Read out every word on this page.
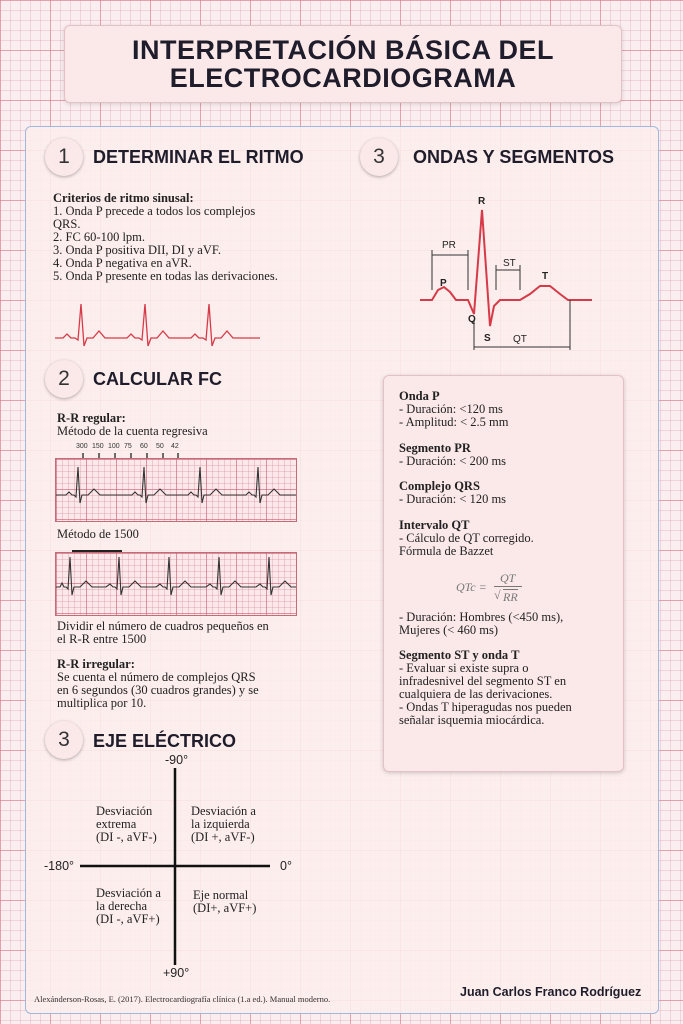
INTERPRETACIÓN BÁSICA DEL
ELECTROCARDIOGRAMA
1	DETERMINAR EL RITMO
Criterios de ritmo sinusal:
1. Onda P precede a todos los complejos
QRS.
2. FC 60-100 lpm.
3. Onda P positiva DII, DI y aVF.
4. Onda P negativa en aVR.
5. Onda P presente en todas las derivaciones.
2	CALCULAR FC
R-R regular:
Método de la cuenta regresiva
300 150 100 75 60 50 42
Método de 1500
Dividir el número de cuadros pequeños en
el R-R entre 1500
R-R irregular:
Se cuenta el número de complejos QRS
en 6 segundos (30 cuadros grandes) y se
multiplica por 10.
3	EJE ELÉCTRICO
-90°
+90°
-180°	0°
Desviación
extrema
(DI -, aVF-)
Desviación a
la izquierda
(DI +, aVF-)
Desviación a
la derecha
(DI -, aVF+)
Eje normal
(DI+, aVF+)
3	ONDAS Y SEGMENTOS
R
P
Q
S
T
PR
ST
QT
Onda P
- Duración: <120 ms
- Amplitud: < 2.5 mm
Segmento PR
- Duración: < 200 ms
Complejo QRS
- Duración: < 120 ms
Intervalo QT
- Cálculo de QT corregido.
Fórmula de Bazzet
QTc =
QT
√ RR
- Duración: Hombres (<450 ms),
Mujeres (< 460 ms)
Segmento ST y onda T
- Evaluar si existe supra o
infradesnivel del segmento ST en
cualquiera de las derivaciones.
- Ondas T hiperagudas nos pueden
señalar isquemia miocárdica.
Juan Carlos Franco Rodríguez
Alexánderson-Rosas, E. (2017). Electrocardiografía clínica (1.a ed.). Manual moderno.
